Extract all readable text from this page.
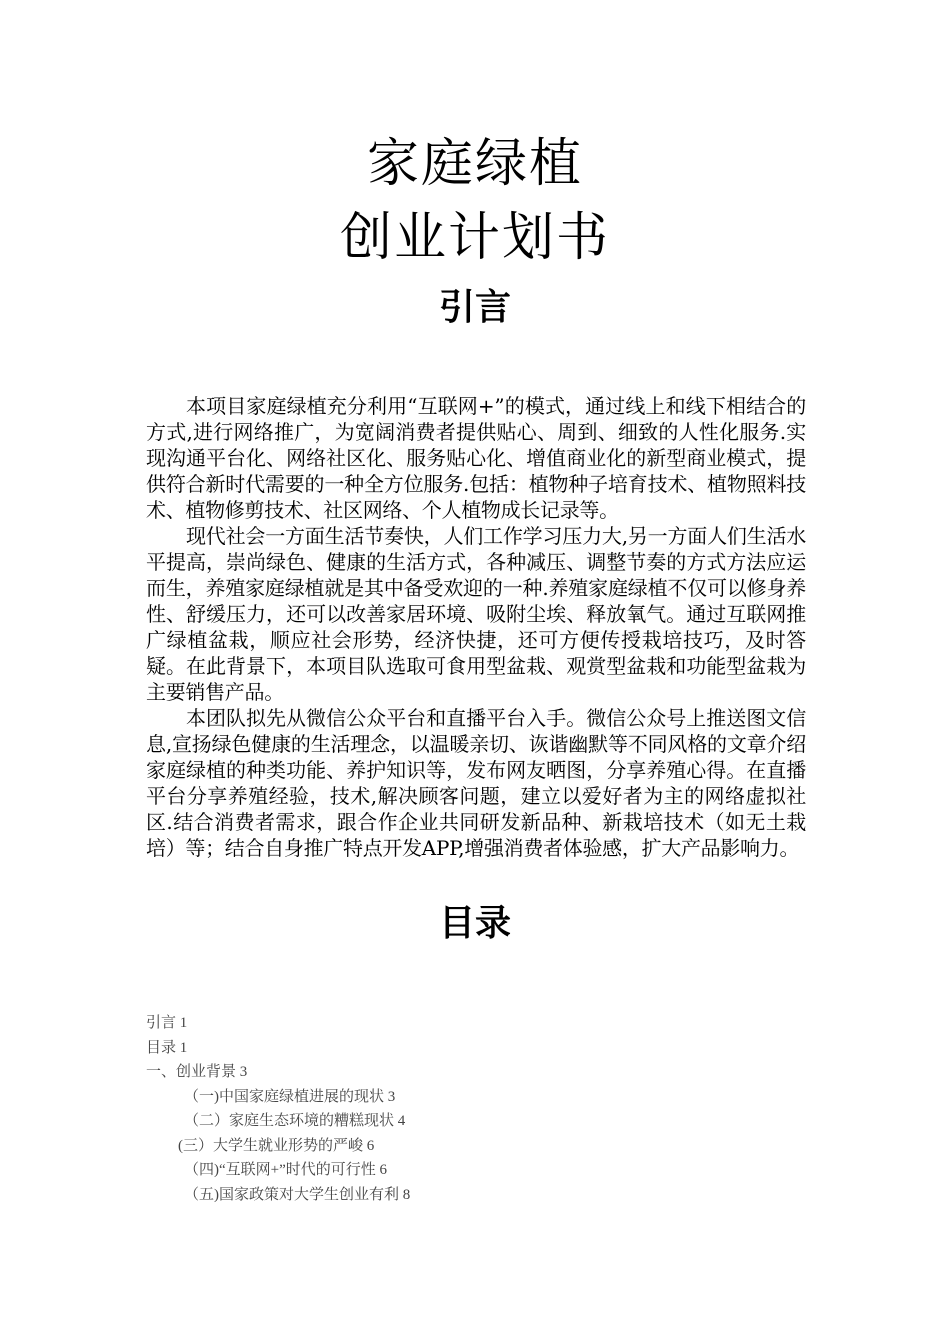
家庭绿植
创业计划书
引言

本项目家庭绿植充分利用“互联网+”的模式，通过线上和线下相结合的方式,进行网络推广，为宽阔消费者提供贴心、周到、细致的人性化服务.实现沟通平台化、网络社区化、服务贴心化、增值商业化的新型商业模式，提供符合新时代需要的一种全方位服务.包括：植物种子培育技术、植物照料技术、植物修剪技术、社区网络、个人植物成长记录等。

现代社会一方面生活节奏快，人们工作学习压力大,另一方面人们生活水平提高，崇尚绿色、健康的生活方式，各种减压、调整节奏的方式方法应运而生，养殖家庭绿植就是其中备受欢迎的一种.养殖家庭绿植不仅可以修身养性、舒缓压力，还可以改善家居环境、吸附尘埃、释放氧气。通过互联网推广绿植盆栽，顺应社会形势，经济快捷，还可方便传授栽培技巧，及时答疑。在此背景下，本项目队选取可食用型盆栽、观赏型盆栽和功能型盆栽为主要销售产品。

本团队拟先从微信公众平台和直播平台入手。微信公众号上推送图文信息,宣扬绿色健康的生活理念，以温暖亲切、诙谐幽默等不同风格的文章介绍家庭绿植的种类功能、养护知识等，发布网友晒图，分享养殖心得。在直播平台分享养殖经验，技术,解决顾客问题，建立以爱好者为主的网络虚拟社区.结合消费者需求，跟合作企业共同研发新品种、新栽培技术（如无土栽培）等；结合自身推广特点开发APP,增强消费者体验感，扩大产品影响力。

目录
引言 1
目录 1
一、创业背景 3
（一)中国家庭绿植进展的现状 3
（二）家庭生态环境的糟糕现状 4
(三）大学生就业形势的严峻 6
（四)“互联网+”时代的可行性 6
（五)国家政策对大学生创业有利 8
